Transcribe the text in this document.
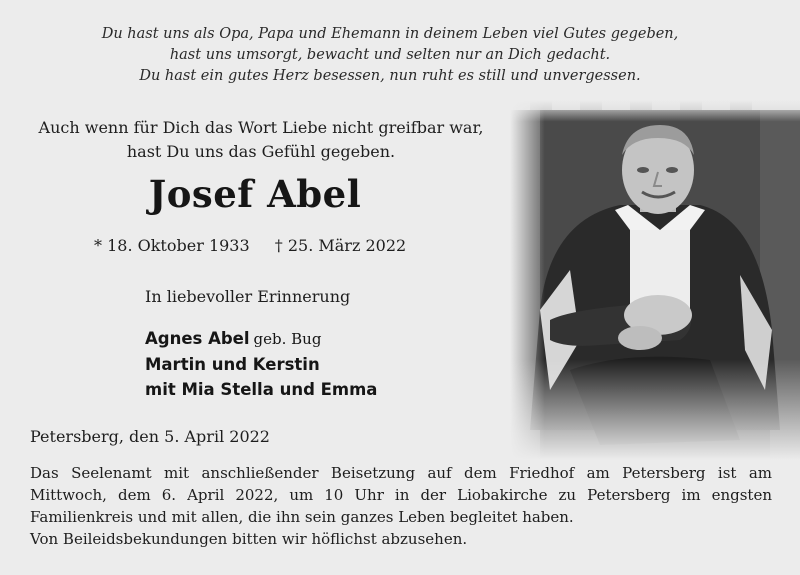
Du hast uns als Opa, Papa und Ehemann in deinem Leben viel Gutes gegeben,
hast uns umsorgt, bewacht und selten nur an Dich gedacht.
Du hast ein gutes Herz besessen, nun ruht es still und unvergessen.
Auch wenn für Dich das Wort Liebe nicht greifbar war,
hast Du uns das Gefühl gegeben.
Josef Abel
* 18. Oktober 1933 † 25. März 2022
In liebevoller Erinnerung
Agnes Abel geb. Bug
Martin und Kerstin
mit Mia Stella und Emma
Petersberg, den 5. April 2022
Das Seelenamt mit anschließender Beisetzung auf dem Friedhof am Petersberg ist am
Mittwoch, dem 6. April 2022, um 10 Uhr in der Liobakirche zu Petersberg im engsten
Familienkreis und mit allen, die ihn sein ganzes Leben begleitet haben.
Von Beileidsbekundungen bitten wir höflichst abzusehen.
